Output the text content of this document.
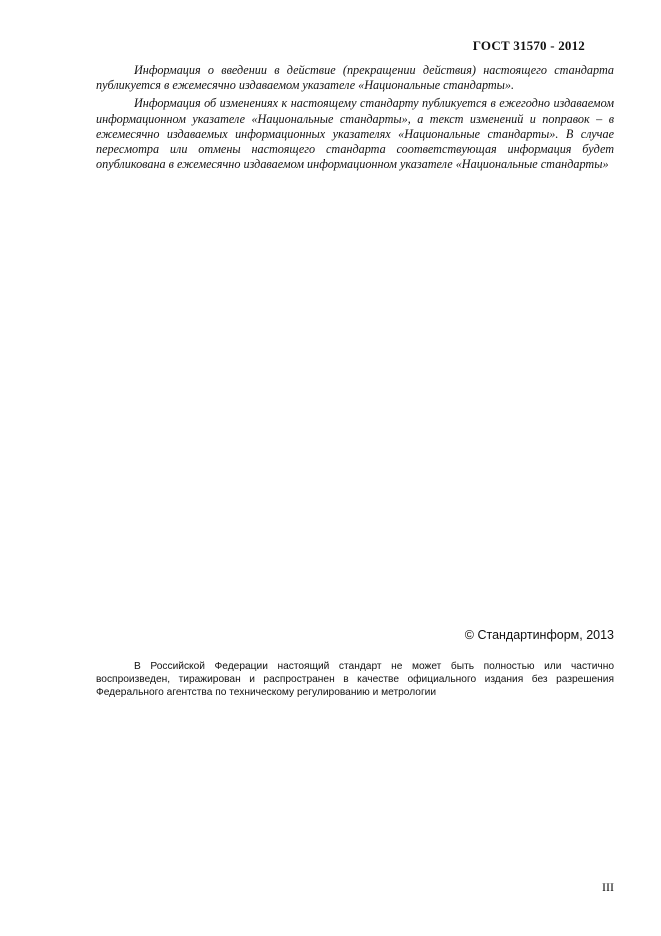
ГОСТ 31570 - 2012

Информация о введении в действие (прекращении действия) настоящего стандарта публикуется в ежемесячно издаваемом указателе «Национальные стандарты».

Информация об изменениях к настоящему стандарту публикуется в ежегодно издаваемом информационном указателе «Национальные стандарты», а текст изменений и поправок – в ежемесячно издаваемых информационных указателях «Национальные стандарты». В случае пересмотра или отмены настоящего стандарта соответствующая информация будет опубликована в ежемесячно издаваемом информационном указателе «Национальные стандарты»

© Стандартинформ, 2013

В Российской Федерации настоящий стандарт не может быть полностью или частично воспроизведен, тиражирован и распространен в качестве официального издания без разрешения Федерального агентства по техническому регулированию и метрологии

III
